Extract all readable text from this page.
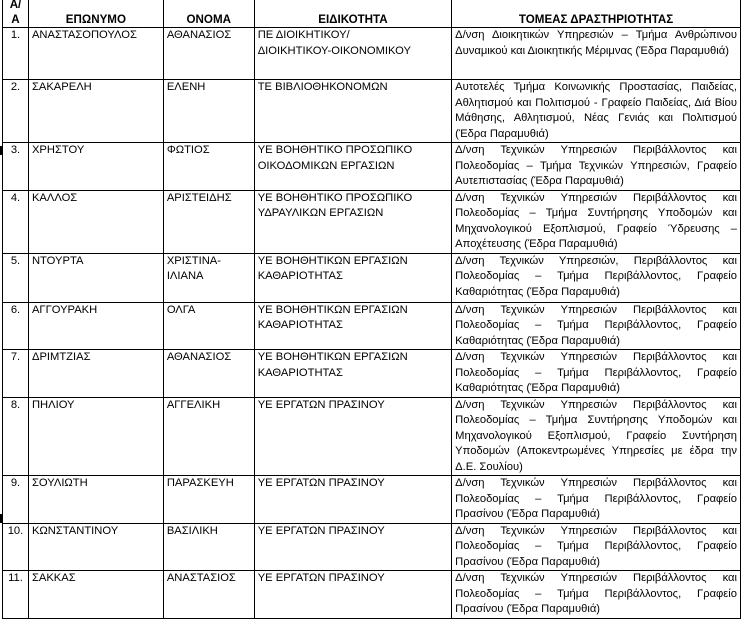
Α/Α	ΕΠΩΝΥΜΟ	ΟΝΟΜΑ	ΕΙΔΙΚΟΤΗΤΑ	ΤΟΜΕΑΣ ΔΡΑΣΤΗΡΙΟΤΗΤΑΣ
1.	ΑΝΑΣΤΑΣΟΠΟΥΛΟΣ	ΑΘΑΝΑΣΙΟΣ	ΠΕ ΔΙΟΙΚΗΤΙΚΟΥ/
ΔΙΟΙΚΗΤΙΚΟΥ-ΟΙΚΟΝΟΜΙΚΟΥ	Δ/νση Διοικητικών Υπηρεσιών – Τμήμα Ανθρώπινου Δυναμικού και Διοικητικής Μέριμνας (Έδρα Παραμυθιά)
2.	ΣΑΚΑΡΕΛΗ	ΕΛΕΝΗ	ΤΕ ΒΙΒΛΙΟΘΗΚΟΝΟΜΩΝ	Αυτοτελές Τμήμα Κοινωνικής Προστασίας, Παιδείας, Αθλητισμού και Πολιτισμού - Γραφείο Παιδείας, Διά Βίου Μάθησης, Αθλητισμού, Νέας Γενιάς και Πολιτισμού (Έδρα Παραμυθιά)
3.	ΧΡΗΣΤΟΥ	ΦΩΤΙΟΣ	ΥΕ ΒΟΗΘΗΤΙΚΟ ΠΡΟΣΩΠΙΚΟ
ΟΙΚΟΔΟΜΙΚΩΝ ΕΡΓΑΣΙΩΝ	Δ/νση Τεχνικών Υπηρεσιών Περιβάλλοντος και Πολεοδομίας – Τμήμα Τεχνικών Υπηρεσιών, Γραφείο Αυτεπιστασίας (Έδρα Παραμυθιά)
4.	ΚΑΛΛΟΣ	ΑΡΙΣΤΕΙΔΗΣ	ΥΕ ΒΟΗΘΗΤΙΚΟ ΠΡΟΣΩΠΙΚΟ
ΥΔΡΑΥΛΙΚΩΝ ΕΡΓΑΣΙΩΝ	Δ/νση Τεχνικών Υπηρεσιών Περιβάλλοντος και Πολεοδομίας – Τμήμα Συντήρησης Υποδομών και Μηχανολογικού Εξοπλισμού, Γραφείο Ύδρευσης – Αποχέτευσης (Έδρα Παραμυθιά)
5.	ΝΤΟΥΡΤΑ	ΧΡΙΣΤΙΝΑ-
ΙΛΙΑΝΑ	ΥΕ ΒΟΗΘΗΤΙΚΩΝ ΕΡΓΑΣΙΩΝ
ΚΑΘΑΡΙΟΤΗΤΑΣ	Δ/νση Τεχνικών Υπηρεσιών, Περιβάλλοντος και Πολεοδομίας – Τμήμα Περιβάλλοντος, Γραφείο Καθαριότητας (Έδρα Παραμυθιά)
6.	ΑΓΓΟΥΡΑΚΗ	ΟΛΓΑ	ΥΕ ΒΟΗΘΗΤΙΚΩΝ ΕΡΓΑΣΙΩΝ
ΚΑΘΑΡΙΟΤΗΤΑΣ	Δ/νση Τεχνικών Υπηρεσιών Περιβάλλοντος και Πολεοδομίας – Τμήμα Περιβάλλοντος, Γραφείο Καθαριότητας (Έδρα Παραμυθιά)
7.	ΔΡΙΜΤΖΙΑΣ	ΑΘΑΝΑΣΙΟΣ	ΥΕ ΒΟΗΘΗΤΙΚΩΝ ΕΡΓΑΣΙΩΝ
ΚΑΘΑΡΙΟΤΗΤΑΣ	Δ/νση Τεχνικών Υπηρεσιών Περιβάλλοντος και Πολεοδομίας – Τμήμα Περιβάλλοντος, Γραφείο Καθαριότητας (Έδρα Παραμυθιά)
8.	ΠΗΛΙΟΥ	ΑΓΓΕΛΙΚΗ	ΥΕ ΕΡΓΑΤΩΝ ΠΡΑΣΙΝΟΥ	Δ/νση Τεχνικών Υπηρεσιών Περιβάλλοντος και Πολεοδομίας – Τμήμα Συντήρησης Υποδομών και Μηχανολογικού Εξοπλισμού, Γραφείο Συντήρηση Υποδομών (Αποκεντρωμένες Υπηρεσίες με έδρα την Δ.Ε. Σουλίου)
9.	ΣΟΥΛΙΩΤΗ	ΠΑΡΑΣΚΕΥΗ	ΥΕ ΕΡΓΑΤΩΝ ΠΡΑΣΙΝΟΥ	Δ/νση Τεχνικών Υπηρεσιών Περιβάλλοντος και Πολεοδομίας – Τμήμα Περιβάλλοντος, Γραφείο Πρασίνου (Έδρα Παραμυθιά)
10.	ΚΩΝΣΤΑΝΤΙΝΟΥ	ΒΑΣΙΛΙΚΗ	ΥΕ ΕΡΓΑΤΩΝ ΠΡΑΣΙΝΟΥ	Δ/νση Τεχνικών Υπηρεσιών Περιβάλλοντος και Πολεοδομίας – Τμήμα Περιβάλλοντος, Γραφείο Πρασίνου (Έδρα Παραμυθιά)
11.	ΣΑΚΚΑΣ	ΑΝΑΣΤΑΣΙΟΣ	ΥΕ ΕΡΓΑΤΩΝ ΠΡΑΣΙΝΟΥ	Δ/νση Τεχνικών Υπηρεσιών Περιβάλλοντος και Πολεοδομίας – Τμήμα Περιβάλλοντος, Γραφείο Πρασίνου (Έδρα Παραμυθιά)
